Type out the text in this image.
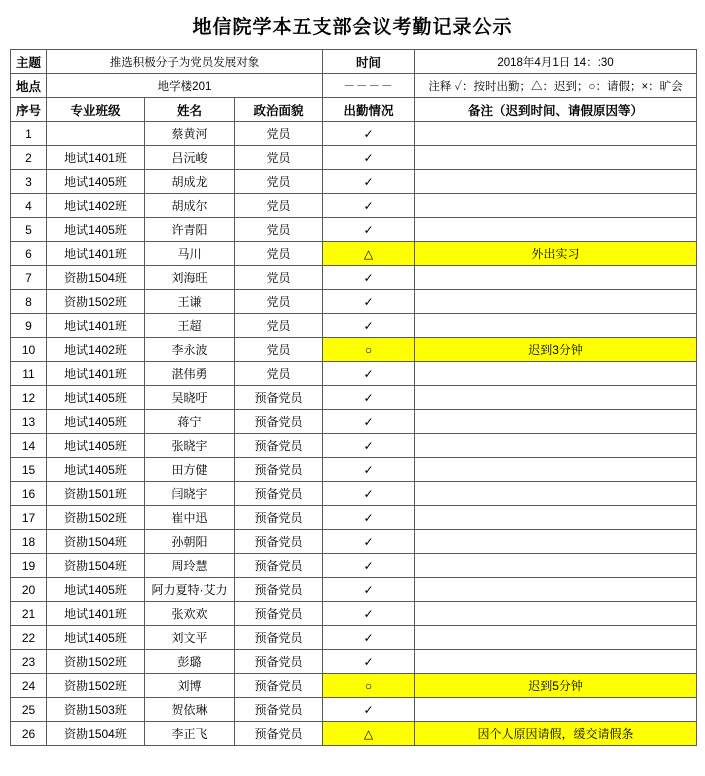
地信院学本五支部会议考勤记录公示
主题	推选积极分子为党员发展对象			时间	2018年4月1日 14：:30
地点	地学楼201			－－－－	注释 ✓：按时出勤；△：迟到；○：请假；×：旷会
序号	专业班级	姓名	政治面貌	出勤情况	备注（迟到时间、请假原因等）
1		蔡黄河	党员	✓	
2	地试1401班	吕沅峻	党员	✓	
3	地试1405班	胡成龙	党员	✓	
4	地试1402班	胡成尔	党员	✓	
5	地试1405班	许青阳	党员	✓	
6	地试1401班	马川	党员	△	外出实习
7	资勘1504班	刘海旺	党员	✓	
8	资勘1502班	王谦	党员	✓	
9	地试1401班	王超	党员	✓	
10	地试1402班	李永波	党员	○	迟到3分钟
11	地试1401班	湛伟勇	党员	✓	
12	地试1405班	吴晓吁	预备党员	✓	
13	地试1405班	蒋宁	预备党员	✓	
14	地试1405班	张晓宇	预备党员	✓	
15	地试1405班	田方健	预备党员	✓	
16	资勘1501班	闫晓宇	预备党员	✓	
17	资勘1502班	崔中迅	预备党员	✓	
18	资勘1504班	孙朝阳	预备党员	✓	
19	资勘1504班	周玲慧	预备党员	✓	
20	地试1405班	阿力夏特·艾力	预备党员	✓	
21	地试1401班	张欢欢	预备党员	✓	
22	地试1405班	刘文平	预备党员	✓	
23	资勘1502班	彭璐	预备党员	✓	
24	资勘1502班	刘博	预备党员	○	迟到5分钟
25	资勘1503班	贺依琳	预备党员	✓	
26	资勘1504班	李正飞	预备党员	△	因个人原因请假，缓交请假条
